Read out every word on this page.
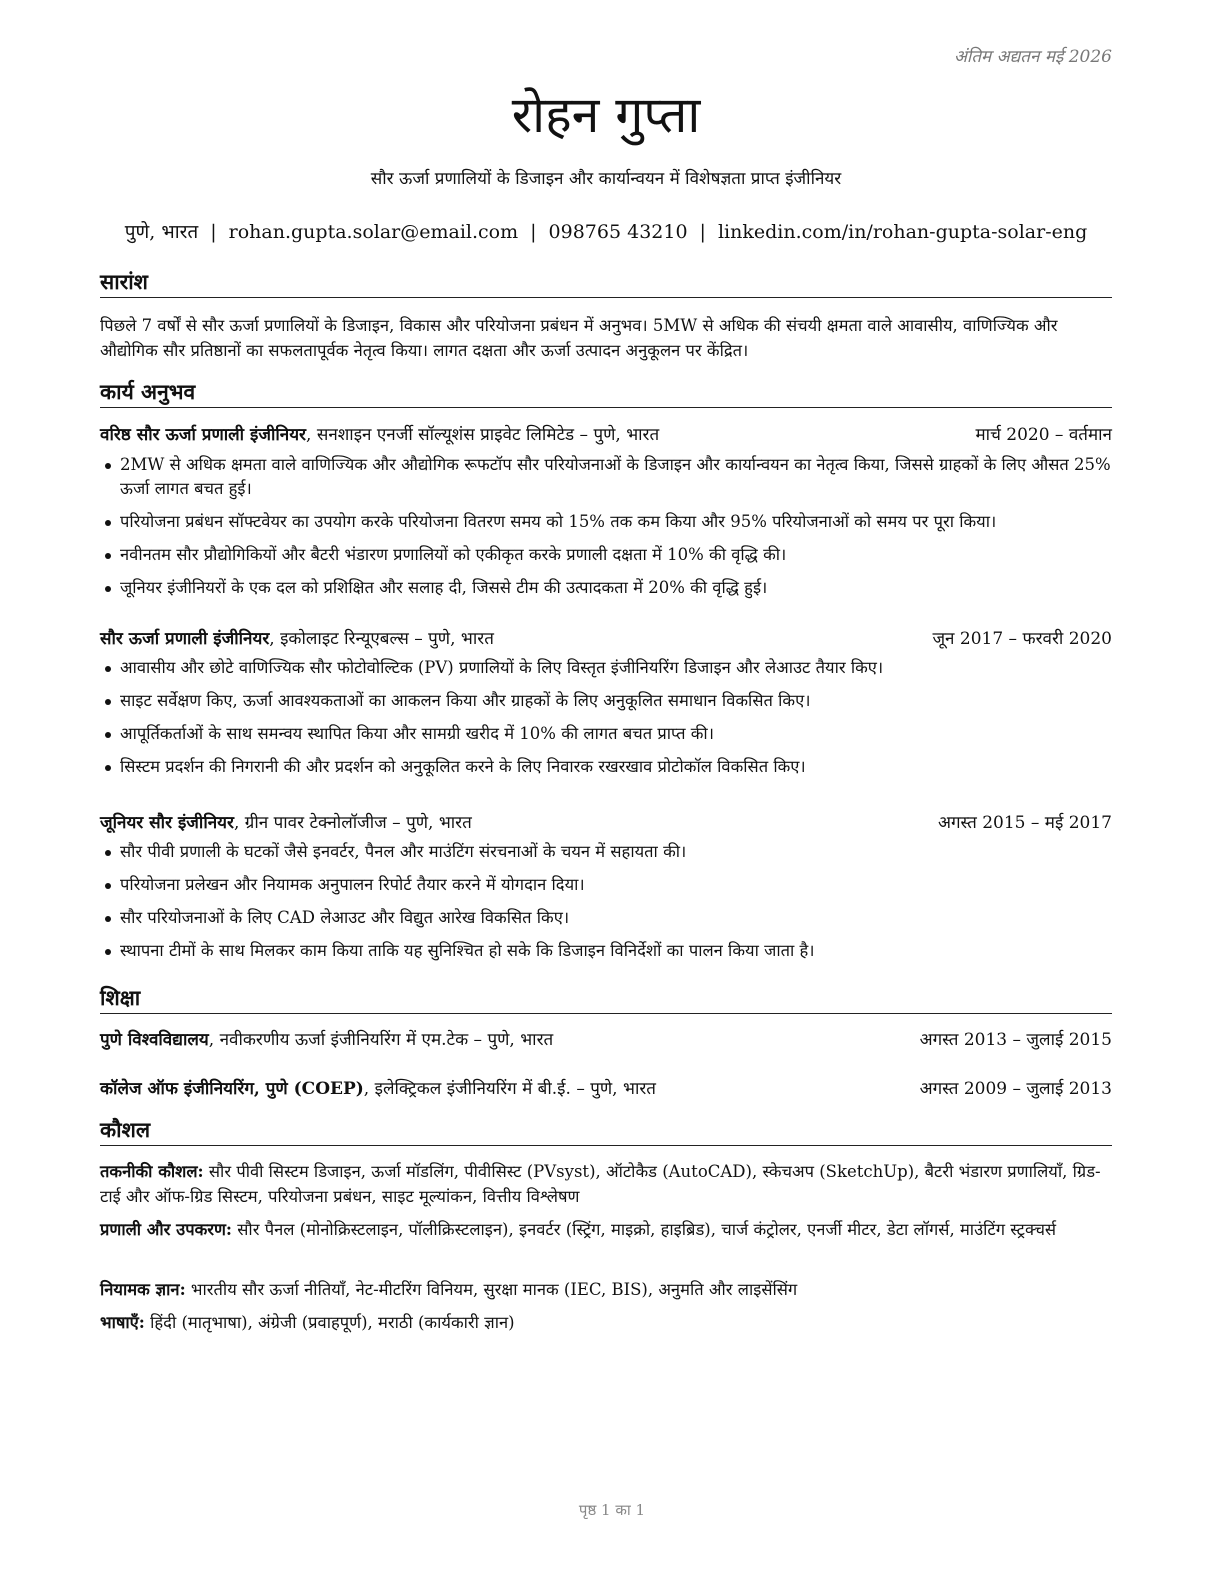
अंतिम अद्यतन मई 2026
रोहन गुप्ता
सौर ऊर्जा प्रणालियों के डिजाइन और कार्यान्वयन में विशेषज्ञता प्राप्त इंजीनियर
पुणे, भारत | rohan.gupta.solar@email.com | 098765 43210 | linkedin.com/in/rohan-gupta-solar-eng
सारांश
पिछले 7 वर्षों से सौर ऊर्जा प्रणालियों के डिजाइन, विकास और परियोजना प्रबंधन में अनुभव। 5MW से अधिक की संचयी क्षमता वाले आवासीय, वाणिज्यिक और औद्योगिक सौर प्रतिष्ठानों का सफलतापूर्वक नेतृत्व किया। लागत दक्षता और ऊर्जा उत्पादन अनुकूलन पर केंद्रित।
कार्य अनुभव
वरिष्ठ सौर ऊर्जा प्रणाली इंजीनियर, सनशाइन एनर्जी सॉल्यूशंस प्राइवेट लिमिटेड – पुणे, भारत	मार्च 2020 – वर्तमान
2MW से अधिक क्षमता वाले वाणिज्यिक और औद्योगिक रूफटॉप सौर परियोजनाओं के डिजाइन और कार्यान्वयन का नेतृत्व किया, जिससे ग्राहकों के लिए औसत 25% ऊर्जा लागत बचत हुई।
परियोजना प्रबंधन सॉफ्टवेयर का उपयोग करके परियोजना वितरण समय को 15% तक कम किया और 95% परियोजनाओं को समय पर पूरा किया।
नवीनतम सौर प्रौद्योगिकियों और बैटरी भंडारण प्रणालियों को एकीकृत करके प्रणाली दक्षता में 10% की वृद्धि की।
जूनियर इंजीनियरों के एक दल को प्रशिक्षित और सलाह दी, जिससे टीम की उत्पादकता में 20% की वृद्धि हुई।
सौर ऊर्जा प्रणाली इंजीनियर, इकोलाइट रिन्यूएबल्स – पुणे, भारत	जून 2017 – फरवरी 2020
आवासीय और छोटे वाणिज्यिक सौर फोटोवोल्टिक (PV) प्रणालियों के लिए विस्तृत इंजीनियरिंग डिजाइन और लेआउट तैयार किए।
साइट सर्वेक्षण किए, ऊर्जा आवश्यकताओं का आकलन किया और ग्राहकों के लिए अनुकूलित समाधान विकसित किए।
आपूर्तिकर्ताओं के साथ समन्वय स्थापित किया और सामग्री खरीद में 10% की लागत बचत प्राप्त की।
सिस्टम प्रदर्शन की निगरानी की और प्रदर्शन को अनुकूलित करने के लिए निवारक रखरखाव प्रोटोकॉल विकसित किए।
जूनियर सौर इंजीनियर, ग्रीन पावर टेक्नोलॉजीज – पुणे, भारत	अगस्त 2015 – मई 2017
सौर पीवी प्रणाली के घटकों जैसे इनवर्टर, पैनल और माउंटिंग संरचनाओं के चयन में सहायता की।
परियोजना प्रलेखन और नियामक अनुपालन रिपोर्ट तैयार करने में योगदान दिया।
सौर परियोजनाओं के लिए CAD लेआउट और विद्युत आरेख विकसित किए।
स्थापना टीमों के साथ मिलकर काम किया ताकि यह सुनिश्चित हो सके कि डिजाइन विनिर्देशों का पालन किया जाता है।
शिक्षा
पुणे विश्वविद्यालय, नवीकरणीय ऊर्जा इंजीनियरिंग में एम.टेक – पुणे, भारत	अगस्त 2013 – जुलाई 2015
कॉलेज ऑफ इंजीनियरिंग, पुणे (COEP), इलेक्ट्रिकल इंजीनियरिंग में बी.ई. – पुणे, भारत	अगस्त 2009 – जुलाई 2013
कौशल
तकनीकी कौशल: सौर पीवी सिस्टम डिजाइन, ऊर्जा मॉडलिंग, पीवीसिस्ट (PVsyst), ऑटोकैड (AutoCAD), स्केचअप (SketchUp), बैटरी भंडारण प्रणालियाँ, ग्रिड-टाई और ऑफ-ग्रिड सिस्टम, परियोजना प्रबंधन, साइट मूल्यांकन, वित्तीय विश्लेषण
प्रणाली और उपकरण: सौर पैनल (मोनोक्रिस्टलाइन, पॉलीक्रिस्टलाइन), इनवर्टर (स्ट्रिंग, माइक्रो, हाइब्रिड), चार्ज कंट्रोलर, एनर्जी मीटर, डेटा लॉगर्स, माउंटिंग स्ट्रक्चर्स
नियामक ज्ञान: भारतीय सौर ऊर्जा नीतियाँ, नेट-मीटरिंग विनियम, सुरक्षा मानक (IEC, BIS), अनुमति और लाइसेंसिंग
भाषाएँ: हिंदी (मातृभाषा), अंग्रेजी (प्रवाहपूर्ण), मराठी (कार्यकारी ज्ञान)
पृष्ठ 1 का 1
